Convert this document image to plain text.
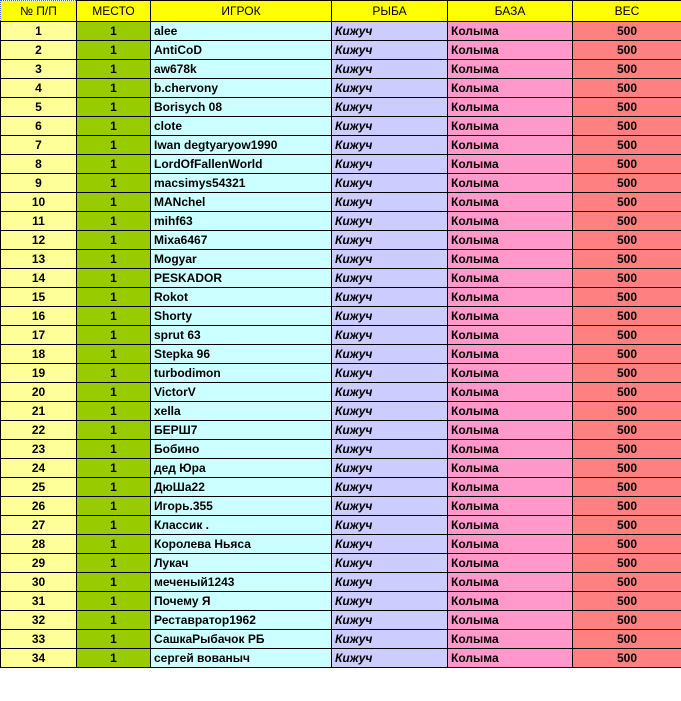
№ П/П	МЕСТО	ИГРОК	РЫБА	БАЗА	ВЕС
1	1	alee	Кижуч	Колыма	500
2	1	AntiCoD	Кижуч	Колыма	500
3	1	aw678k	Кижуч	Колыма	500
4	1	b.chervony	Кижуч	Колыма	500
5	1	Borisych 08	Кижуч	Колыма	500
6	1	clote	Кижуч	Колыма	500
7	1	Iwan degtyaryow1990	Кижуч	Колыма	500
8	1	LordOfFallenWorld	Кижуч	Колыма	500
9	1	macsimys54321	Кижуч	Колыма	500
10	1	MANchel	Кижуч	Колыма	500
11	1	mihf63	Кижуч	Колыма	500
12	1	Mixa6467	Кижуч	Колыма	500
13	1	Mogyar	Кижуч	Колыма	500
14	1	PESKADOR	Кижуч	Колыма	500
15	1	Rokot	Кижуч	Колыма	500
16	1	Shorty	Кижуч	Колыма	500
17	1	sprut 63	Кижуч	Колыма	500
18	1	Stepka 96	Кижуч	Колыма	500
19	1	turbodimon	Кижуч	Колыма	500
20	1	VictorV	Кижуч	Колыма	500
21	1	xella	Кижуч	Колыма	500
22	1	БЕРШ7	Кижуч	Колыма	500
23	1	Бобино	Кижуч	Колыма	500
24	1	дед Юра	Кижуч	Колыма	500
25	1	ДюШа22	Кижуч	Колыма	500
26	1	Игорь.355	Кижуч	Колыма	500
27	1	Классик .	Кижуч	Колыма	500
28	1	Королева Ньяса	Кижуч	Колыма	500
29	1	Лукач	Кижуч	Колыма	500
30	1	меченый1243	Кижуч	Колыма	500
31	1	Почему Я	Кижуч	Колыма	500
32	1	Реставратор1962	Кижуч	Колыма	500
33	1	СашкаРыбачок РБ	Кижуч	Колыма	500
34	1	сергей вованыч	Кижуч	Колыма	500
